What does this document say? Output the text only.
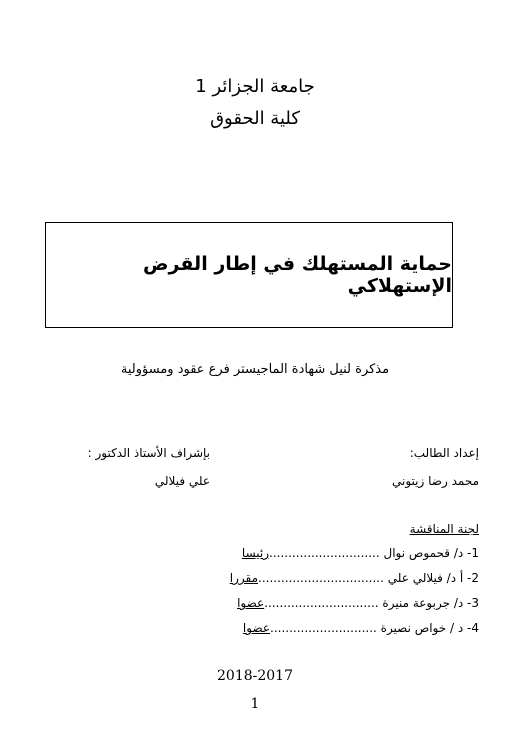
جامعة الجزائر 1
كلية الحقوق
حماية المستهلك في إطار القرض الإستهلاكي
مذكرة لنيل شهادة الماجيستر فرع عقود ومسؤولية
إعداد الطالب:
محمد رضا زيتوني
بإشراف الأستاذ الدكتور :
علي فيلالي
لجنة المناقشة
1- د/ قحموص نوال .............................رئيسا
2- أ د/ فيلالي علي .................................مقررا
3- د/ جربوعة منيرة ..............................عضوا
4- د / خواص نصيرة ............................عضوا
2018-2017
1
